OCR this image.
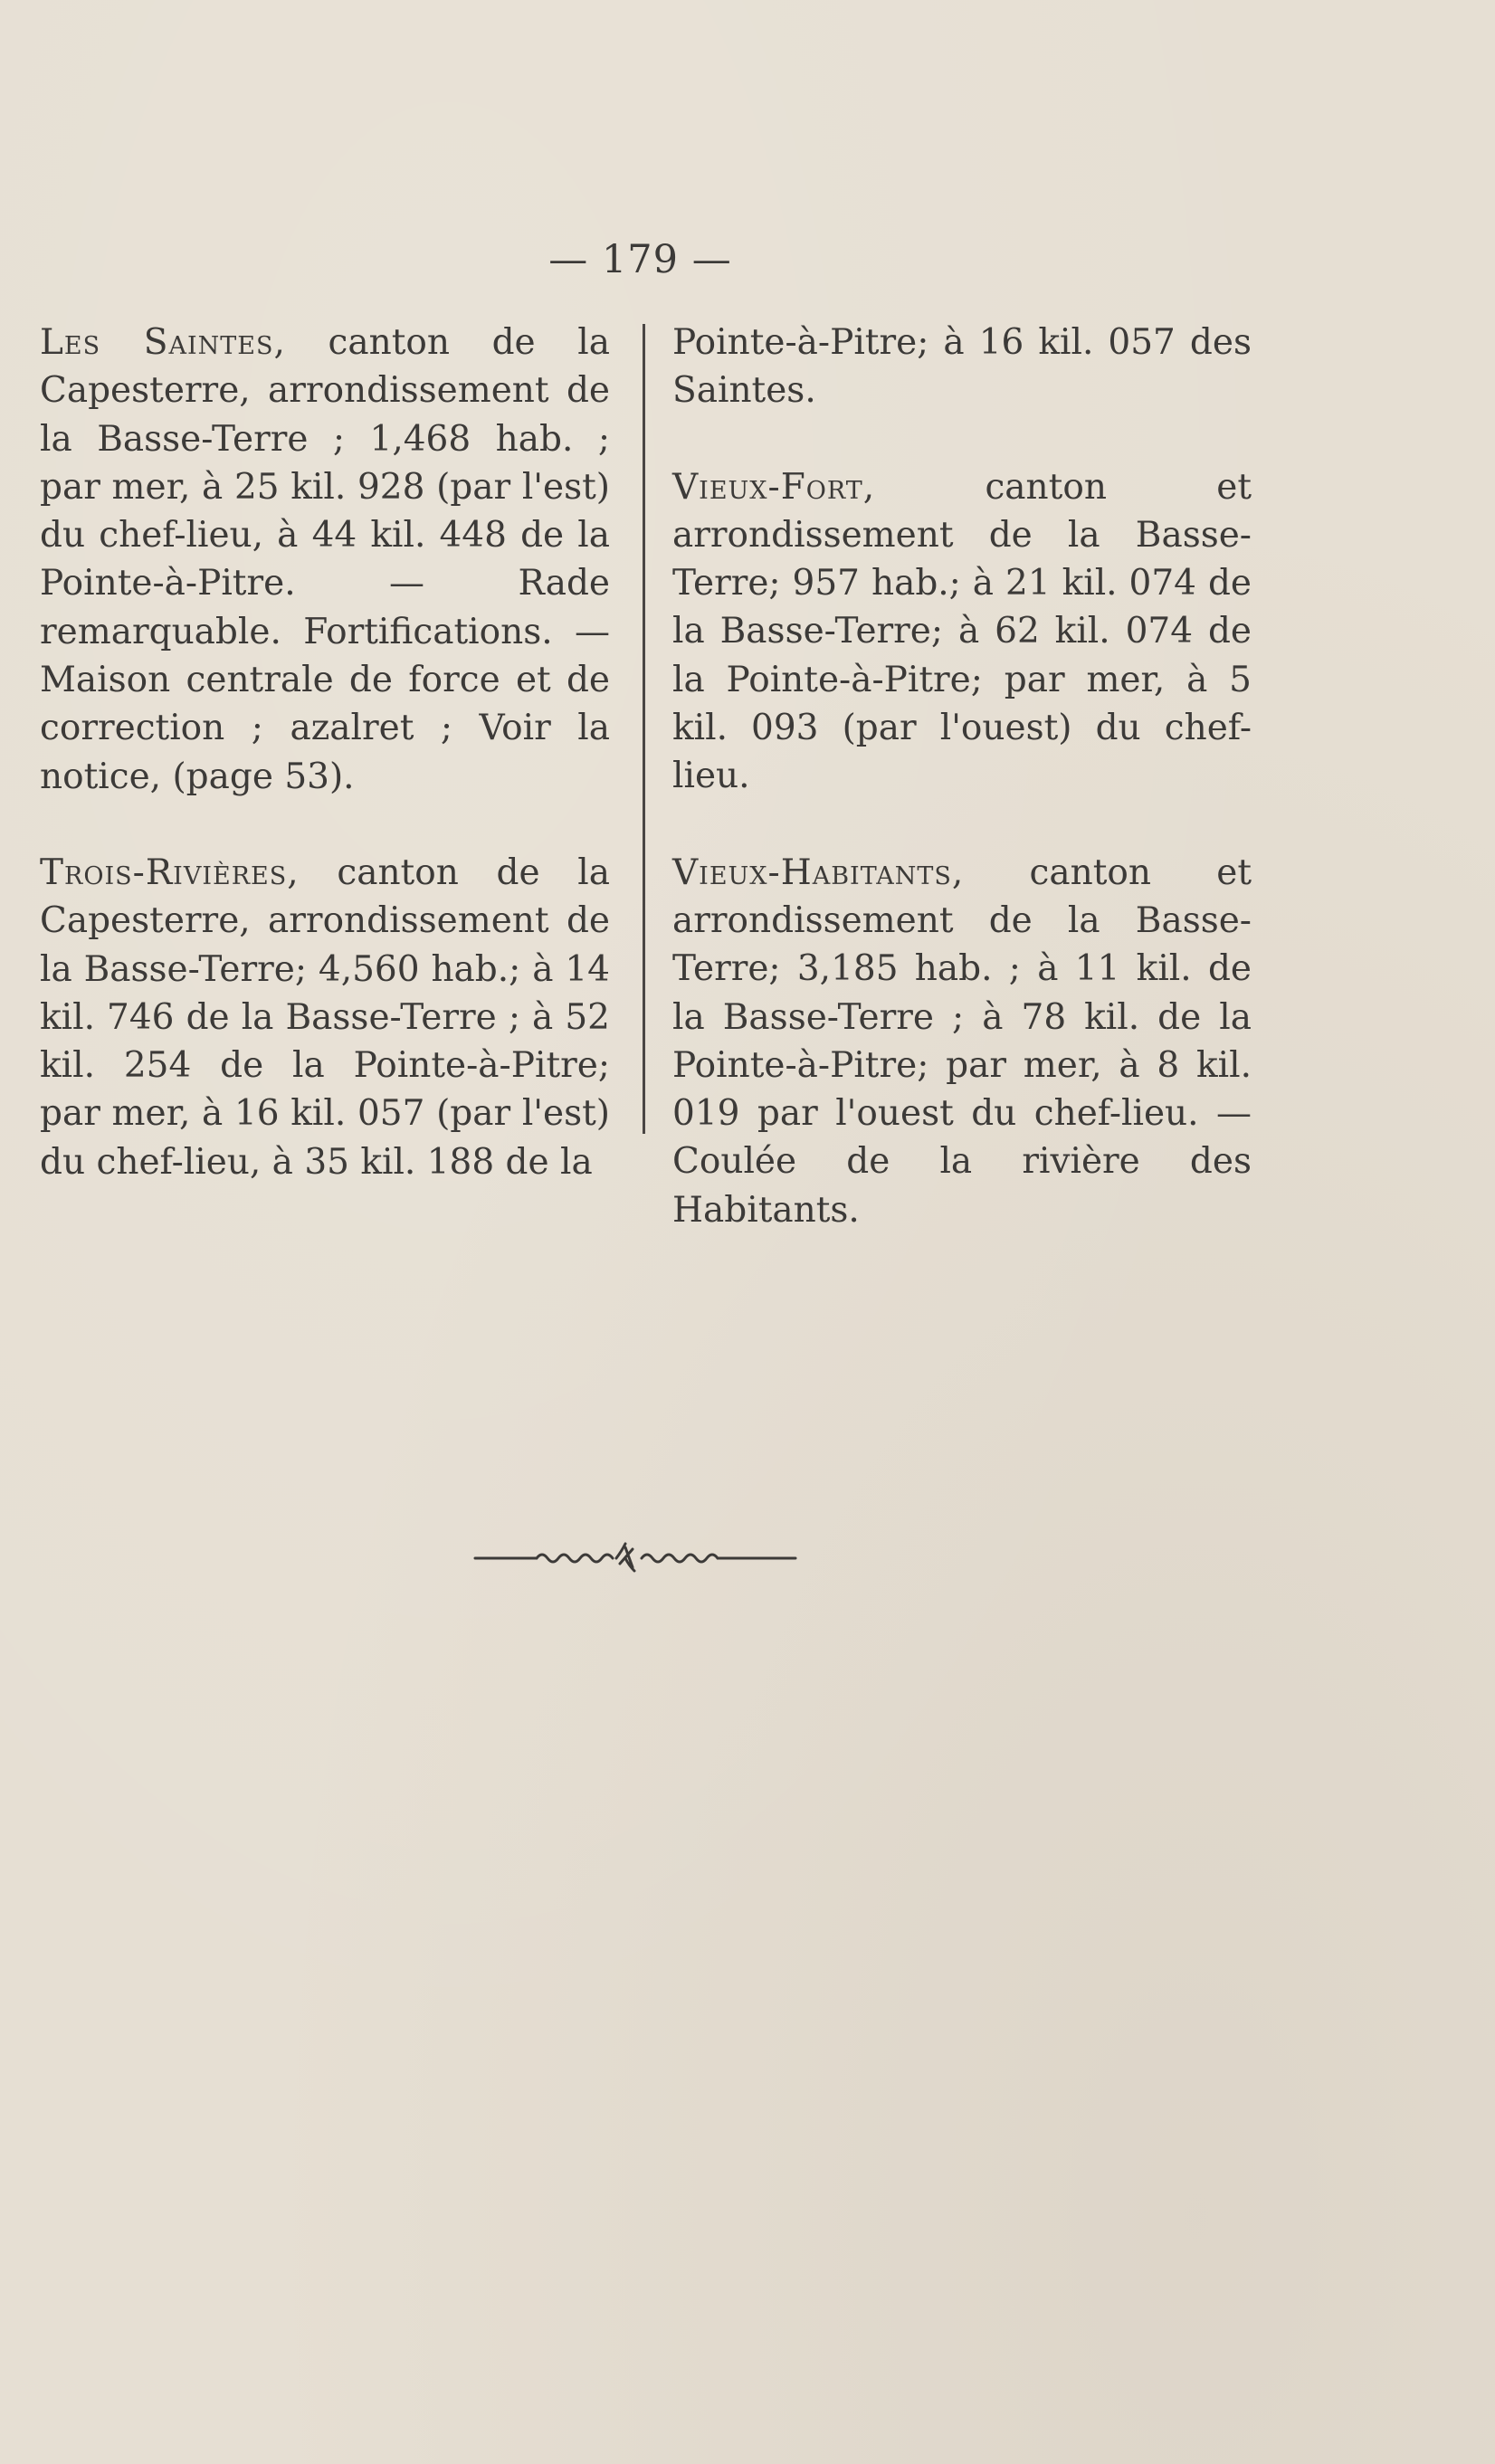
— 179 —

Les Saintes, canton de la Capesterre, arrondissement de la Basse-Terre ; 1,468 hab. ; par mer, à 25 kil. 928 (par l'est) du chef-lieu, à 44 kil. 448 de la Pointe-à-Pitre. — Rade remarquable. Fortifications. — Maison centrale de force et de correction ; azalret ; Voir la notice, (page 53).

Trois-Rivières, canton de la Capesterre, arrondissement de la Basse-Terre; 4,560 hab.; à 14 kil. 746 de la Basse-Terre ; à 52 kil. 254 de la Pointe-à-Pitre; par mer, à 16 kil. 057 (par l'est) du chef-lieu, à 35 kil. 188 de la

Pointe-à-Pitre; à 16 kil. 057 des Saintes.

Vieux-Fort, canton et arrondissement de la Basse-Terre; 957 hab.; à 21 kil. 074 de la Basse-Terre; à 62 kil. 074 de la Pointe-à-Pitre; par mer, à 5 kil. 093 (par l'ouest) du chef-lieu.

Vieux-Habitants, canton et arrondissement de la Basse-Terre; 3,185 hab. ; à 11 kil. de la Basse-Terre ; à 78 kil. de la Pointe-à-Pitre; par mer, à 8 kil. 019 par l'ouest du chef-lieu. — Coulée de la rivière des Habitants.
